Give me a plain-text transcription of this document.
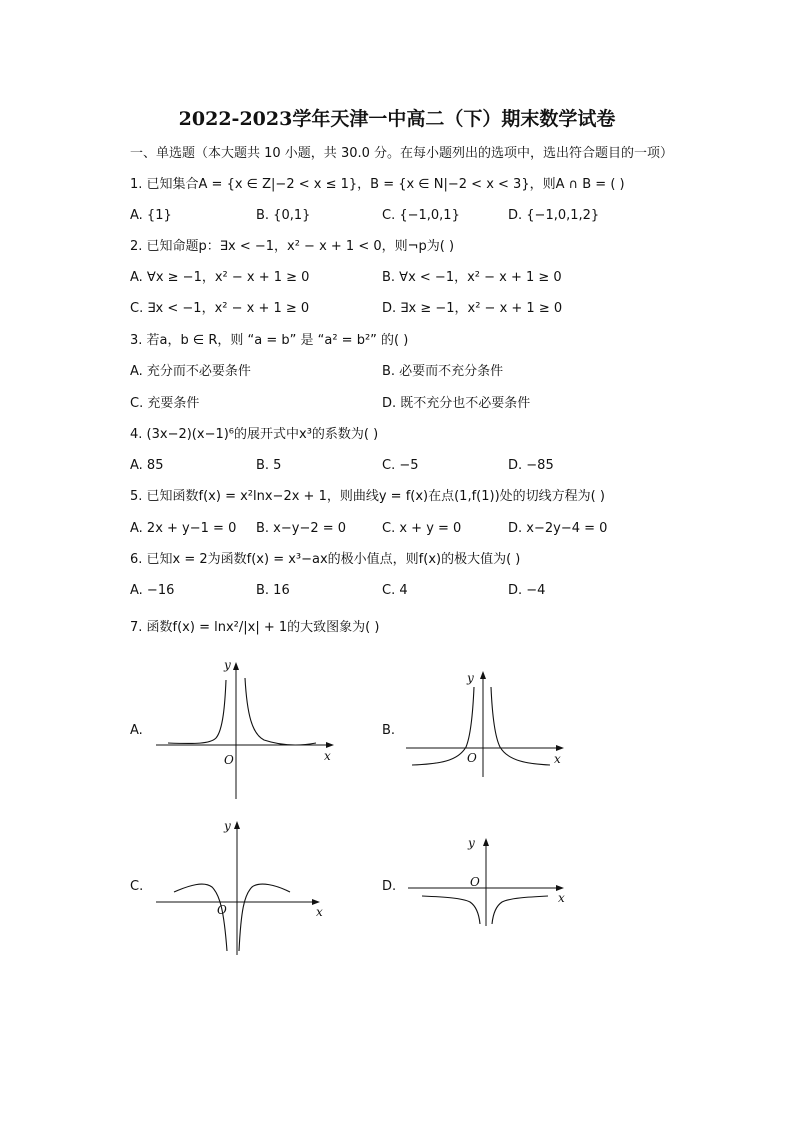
2022-2023学年天津一中高二（下）期末数学试卷
一、单选题（本大题共 10 小题，共 30.0 分。在每小题列出的选项中，选出符合题目的一项）
1. 已知集合A = {x ∈ Z|−2 < x ≤ 1}，B = {x ∈ N|−2 < x < 3}，则A ∩ B = ( )
A. {1}	B. {0,1}	C. {−1,0,1}	D. {−1,0,1,2}
2. 已知命题p：∃x < −1，x² − x + 1 < 0，则¬p为( )
A. ∀x ≥ −1，x² − x + 1 ≥ 0	B. ∀x < −1，x² − x + 1 ≥ 0
C. ∃x < −1，x² − x + 1 ≥ 0	D. ∃x ≥ −1，x² − x + 1 ≥ 0
3. 若a，b ∈ R，则 “a = b” 是 “a² = b²” 的( )
A. 充分而不必要条件	B. 必要而不充分条件
C. 充要条件	D. 既不充分也不必要条件
4. (3x−2)(x−1)⁶的展开式中x³的系数为( )
A. 85	B. 5	C. −5	D. −85
5. 已知函数f(x) = x²lnx−2x + 1，则曲线y = f(x)在点(1,f(1))处的切线方程为( )
A. 2x + y−1 = 0 B. x−y−2 = 0	C. x + y = 0	D. x−2y−4 = 0
6. 已知x = 2为函数f(x) = x³−ax的极小值点，则f(x)的极大值为( )
A. −16	B. 16	C. 4	D. −4
7. 函数f(x) = lnx²/|x| + 1的大致图象为( )
A.
O	x
y
B.
O	x
y
C.
O	x
y
D.	O
x
y
